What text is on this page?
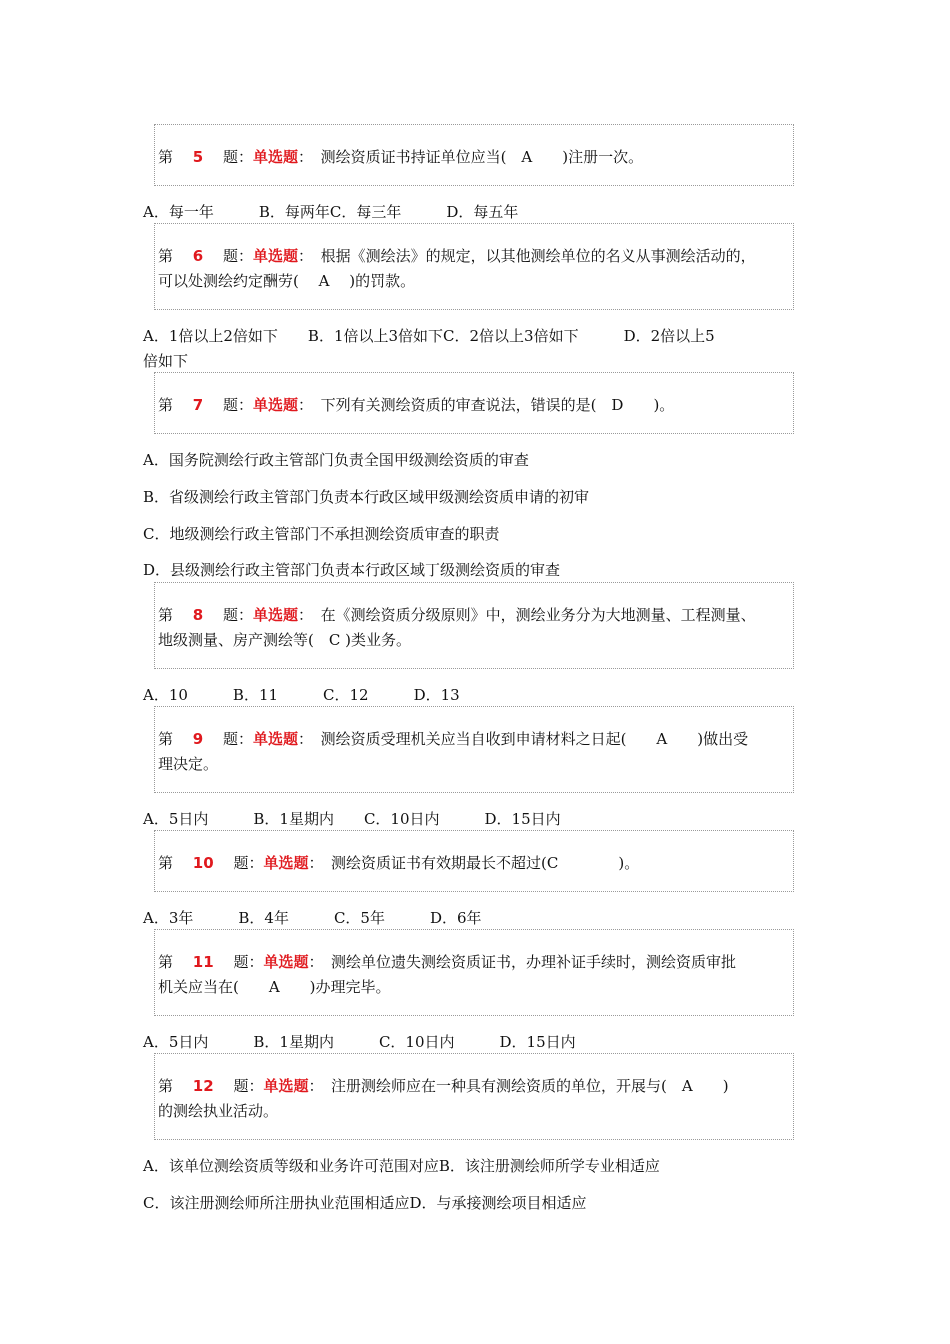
第　 5　 题：单选题：　 测绘资质证书持证单位应当(　A　　)注册一次。
A．每一年　　　B．每两年C．每三年　　　D．每五年
第　 6　 题：单选题：　 根据《测绘法》的规定，以其他测绘单位的名义从事测绘活动的，
可以处测绘约定酬劳(　 A　 )的罚款。
A．1倍以上2倍如下　　B．1倍以上3倍如下C．2倍以上3倍如下　　　D．2倍以上5
倍如下
第　 7　 题：单选题：　 下列有关测绘资质的审查说法，错误的是(　D　　)。
A．国务院测绘行政主管部门负责全国甲级测绘资质的审查
B．省级测绘行政主管部门负责本行政区域甲级测绘资质申请的初审
C．地级测绘行政主管部门不承担测绘资质审查的职责
D．县级测绘行政主管部门负责本行政区域丁级测绘资质的审查
第　 8　 题：单选题：　 在《测绘资质分级原则》中，测绘业务分为大地测量、工程测量、
地级测量、房产测绘等(　C )类业务。
A．10　　　B．11　　　C．12　　　D．13
第　 9　 题：单选题：　 测绘资质受理机关应当自收到申请材料之日起(　　A　　)做出受
理决定。
A．5日内　　　B．1星期内　　C．10日内　　　D．15日内
第　 10　 题：单选题：　 测绘资质证书有效期最长不超过(C　　　　)。
A．3年　　　B．4年　　　C．5年　　　D．6年
第　 11　 题：单选题：　 测绘单位遗失测绘资质证书，办理补证手续时，测绘资质审批
机关应当在(　　A　　)办理完毕。
A．5日内　　　B．1星期内　　　C．10日内　　　D．15日内
第　 12　 题：单选题：　 注册测绘师应在一种具有测绘资质的单位，开展与(　A　　)
的测绘执业活动。
A．该单位测绘资质等级和业务许可范围对应B．该注册测绘师所学专业相适应
C．该注册测绘师所注册执业范围相适应D．与承接测绘项目相适应
